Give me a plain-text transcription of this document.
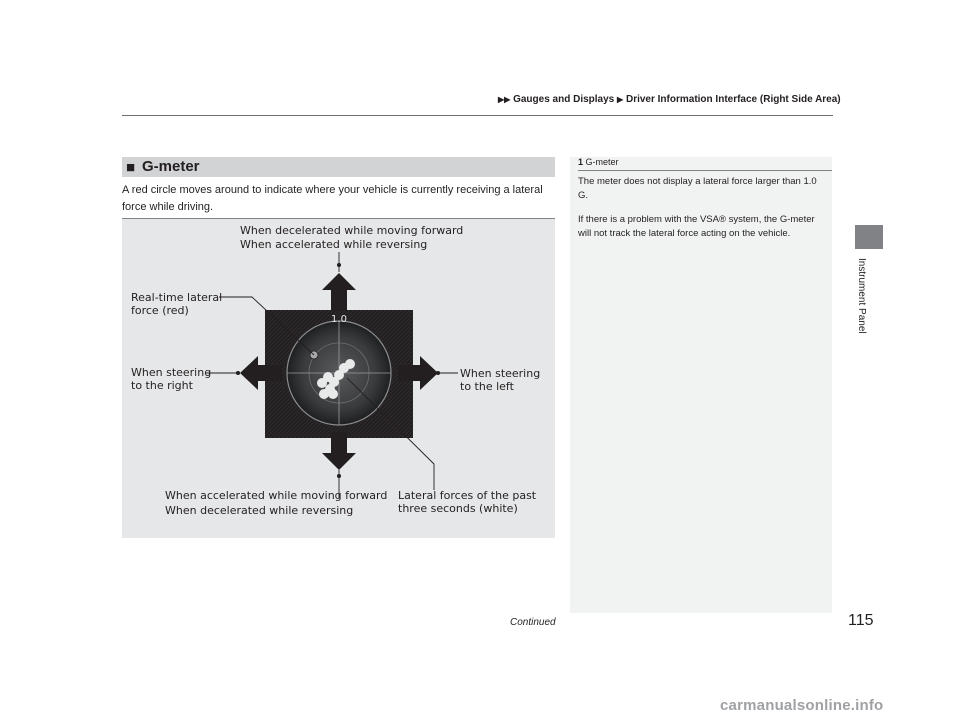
▶▶ Gauges and Displays ▶ Driver Information Interface (Right Side Area)
Instrument Panel
■ G-meter
A red circle moves around to indicate where your vehicle is currently receiving a lateral force while driving.
1.0
When decelerated while moving forward
When accelerated while reversing
Real-time lateral
force (red)
When steering
to the right
When steering
to the left
When accelerated while moving forward
When decelerated while reversing
Lateral forces of the past
three seconds (white)
1 G-meter

The meter does not display a lateral force larger than 1.0 G.

If there is a problem with the VSA® system, the G-meter will not track the lateral force acting on the vehicle.

Continued	115
carmanualsonline.info
